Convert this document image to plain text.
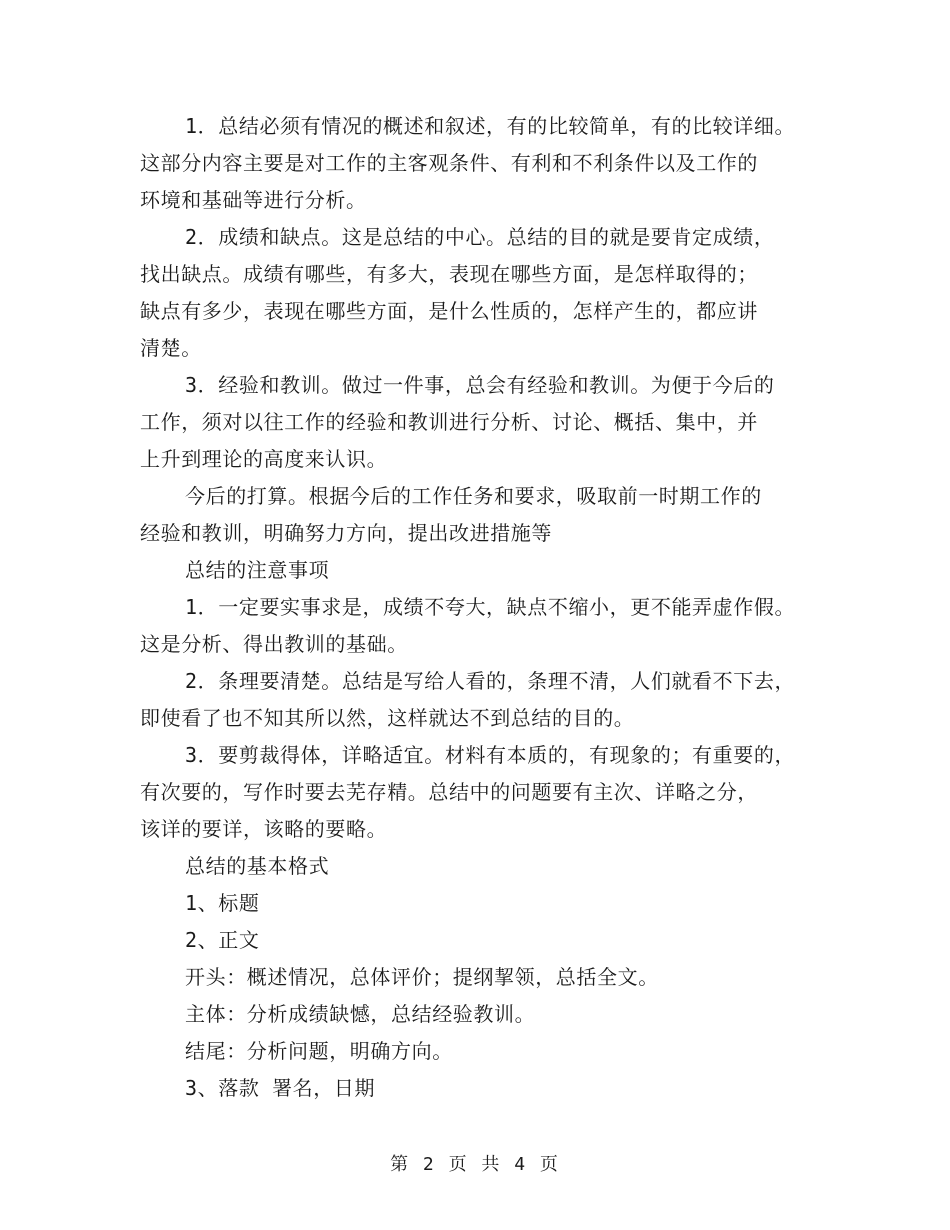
1．总结必须有情况的概述和叙述，有的比较简单，有的比较详细。
这部分内容主要是对工作的主客观条件、有利和不利条件以及工作的
环境和基础等进行分析。
2．成绩和缺点。这是总结的中心。总结的目的就是要肯定成绩，
找出缺点。成绩有哪些，有多大，表现在哪些方面，是怎样取得的；
缺点有多少，表现在哪些方面，是什么性质的，怎样产生的，都应讲
清楚。
3．经验和教训。做过一件事，总会有经验和教训。为便于今后的
工作，须对以往工作的经验和教训进行分析、讨论、概括、集中，并
上升到理论的高度来认识。
今后的打算。根据今后的工作任务和要求，吸取前一时期工作的
经验和教训，明确努力方向，提出改进措施等
总结的注意事项
1．一定要实事求是，成绩不夸大，缺点不缩小，更不能弄虚作假。
这是分析、得出教训的基础。
2．条理要清楚。总结是写给人看的，条理不清，人们就看不下去，
即使看了也不知其所以然，这样就达不到总结的目的。
3．要剪裁得体，详略适宜。材料有本质的，有现象的；有重要的，
有次要的，写作时要去芜存精。总结中的问题要有主次、详略之分，
该详的要详，该略的要略。
总结的基本格式
1、标题
2、正文
开头：概述情况，总体评价；提纲挈领，总括全文。
主体：分析成绩缺憾，总结经验教训。
结尾：分析问题，明确方向。
3、落款 署名，日期
第 2 页 共 4 页
